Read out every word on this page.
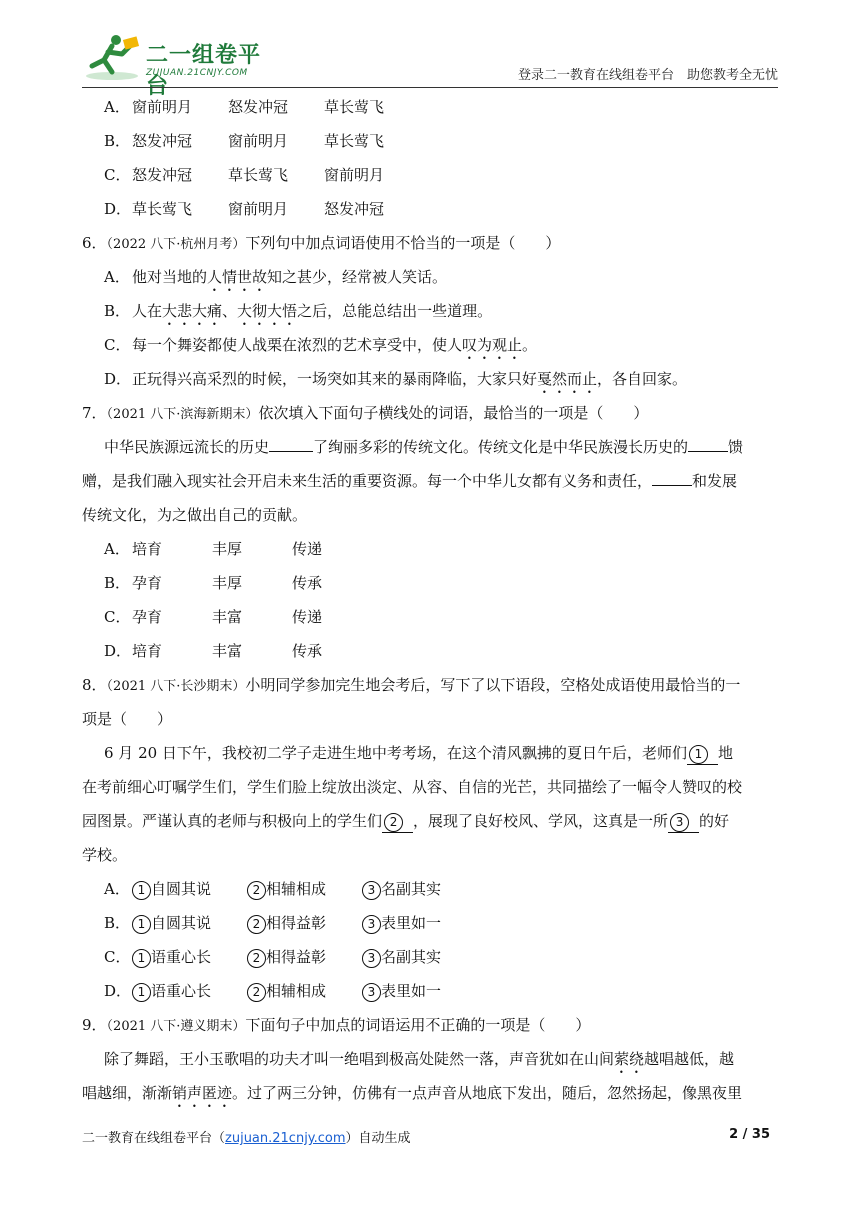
二一组卷平台
ZUJUAN.21CNJY.COM	登录二一教育在线组卷平台　助您教考全无忧
A． 窗前明月 怒发冲冠 草长莺飞
B． 怒发冲冠 窗前明月 草长莺飞
C． 怒发冲冠 草长莺飞 窗前明月
D．草长莺飞 窗前明月 怒发冲冠
6．（2022 八下·杭州月考）下列句中加点词语使用不恰当的一项是（　　）
A． 他对当地的人情世故知之甚少，经常被人笑话。
B． 人在大悲大痛、大彻大悟之后，总能总结出一些道理。
C． 每一个舞姿都使人战栗在浓烈的艺术享受中，使人叹为观止。
D．正玩得兴高采烈的时候，一场突如其来的暴雨降临，大家只好戛然而止，各自回家。
7．（2021 八下·滨海新期末）依次填入下面句子横线处的词语，最恰当的一项是（　　）
中华民族源远流长的历史	了绚丽多彩的传统文化。传统文化是中华民族漫长历史的	馈
赠，是我们融入现实社会开启未来生活的重要资源。每一个中华儿女都有义务和责任，	和发展
传统文化，为之做出自己的贡献。
A． 培育	丰厚	传递
B． 孕育	丰厚	传承
C． 孕育	丰富	传递
D．培育	丰富	传承
8．（2021 八下·长沙期末）小明同学参加完生地会考后，写下了以下语段，空格处成语使用最恰当的一
项是（　　）
6 月 20 日下午，我校初二学子走进生地中考考场，在这个清风飘拂的夏日午后，老师们 1 地
在考前细心叮嘱学生们，学生们脸上绽放出淡定、从容、自信的光芒，共同描绘了一幅令人赞叹的校
园图景。严谨认真的老师与积极向上的学生们 2 ，展现了良好校风、学风，这真是一所 3 的好
学校。
A． 1 自圆其说	2 相辅相成	3 名副其实
B． 1 自圆其说	2 相得益彰	3 表里如一
C． 1 语重心长	2 相得益彰	3 名副其实
D． 1 语重心长	2 相辅相成	3 表里如一
9．（2021 八下·遵义期末）下面句子中加点的词语运用不正确的一项是（　　）
除了舞蹈，王小玉歌唱的功夫才叫一绝唱到极高处陡然一落，声音犹如在山间萦绕越唱越低，越
唱越细，渐渐销声匿迹。过了两三分钟，仿佛有一点声音从地底下发出，随后，忽然扬起，像黑夜里
二一教育在线组卷平台（zujuan.21cnjy.com）自动生成	2 / 35
